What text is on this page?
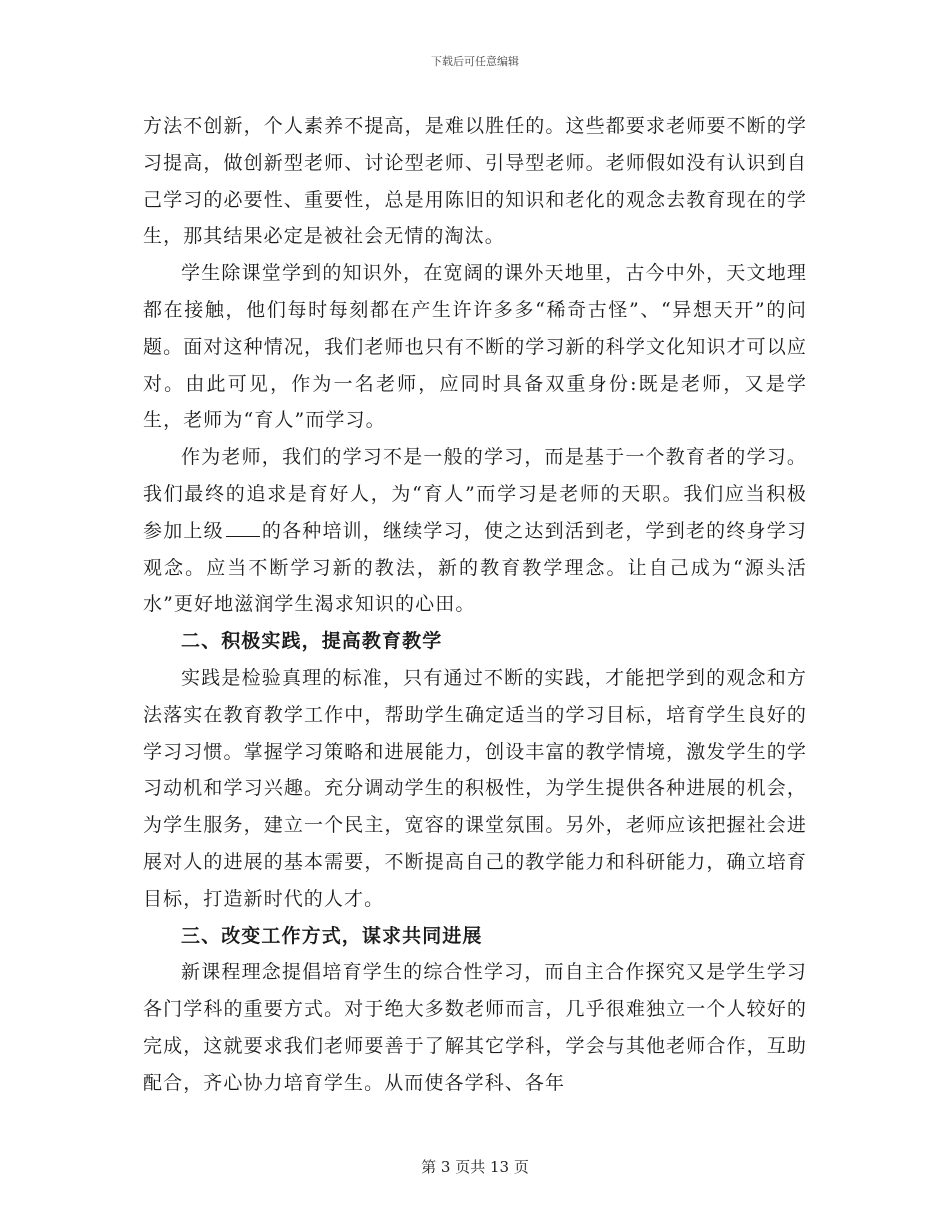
下载后可任意编辑

方法不创新，个人素养不提高，是难以胜任的。这些都要求老师要不断的学习提高，做创新型老师、讨论型老师、引导型老师。老师假如没有认识到自己学习的必要性、重要性，总是用陈旧的知识和老化的观念去教育现在的学生，那其结果必定是被社会无情的淘汰。

学生除课堂学到的知识外，在宽阔的课外天地里，古今中外，天文地理都在接触，他们每时每刻都在产生许许多多“稀奇古怪”、“异想天开”的问题。面对这种情况，我们老师也只有不断的学习新的科学文化知识才可以应对。由此可见，作为一名老师，应同时具备双重身份:既是老师，又是学生，老师为“育人”而学习。

作为老师，我们的学习不是一般的学习，而是基于一个教育者的学习。我们最终的追求是育好人，为“育人”而学习是老师的天职。我们应当积极参加上级 的各种培训，继续学习，使之达到活到老，学到老的终身学习观念。应当不断学习新的教法，新的教育教学理念。让自己成为“源头活水”更好地滋润学生渴求知识的心田。

二、积极实践，提高教育教学

实践是检验真理的标准，只有通过不断的实践，才能把学到的观念和方法落实在教育教学工作中，帮助学生确定适当的学习目标，培育学生良好的学习习惯。掌握学习策略和进展能力，创设丰富的教学情境，激发学生的学习动机和学习兴趣。充分调动学生的积极性，为学生提供各种进展的机会，为学生服务，建立一个民主，宽容的课堂氛围。另外，老师应该把握社会进展对人的进展的基本需要，不断提高自己的教学能力和科研能力，确立培育目标，打造新时代的人才。

三、改变工作方式，谋求共同进展

新课程理念提倡培育学生的综合性学习，而自主合作探究又是学生学习各门学科的重要方式。对于绝大多数老师而言，几乎很难独立一个人较好的完成，这就要求我们老师要善于了解其它学科，学会与其他老师合作，互助配合，齐心协力培育学生。从而使各学科、各年

第 3 页共 13 页
